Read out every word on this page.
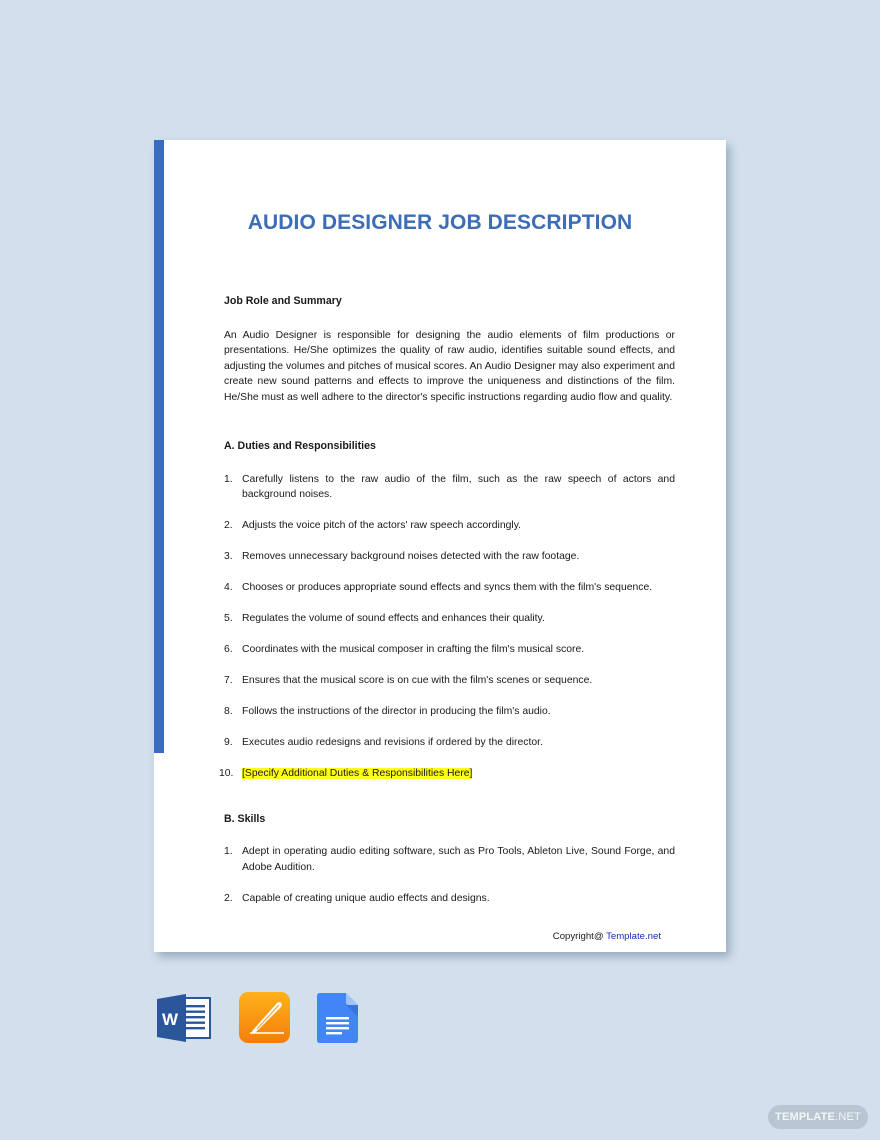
AUDIO DESIGNER JOB DESCRIPTION
Job Role and Summary
An Audio Designer is responsible for designing the audio elements of film productions or presentations. He/She optimizes the quality of raw audio, identifies suitable sound effects, and adjusting the volumes and pitches of musical scores. An Audio Designer may also experiment and create new sound patterns and effects to improve the uniqueness and distinctions of the film. He/She must as well adhere to the director's specific instructions regarding audio flow and quality.
A. Duties and Responsibilities
1. Carefully listens to the raw audio of the film, such as the raw speech of actors and background noises.
2. Adjusts the voice pitch of the actors' raw speech accordingly.
3. Removes unnecessary background noises detected with the raw footage.
4. Chooses or produces appropriate sound effects and syncs them with the film's sequence.
5. Regulates the volume of sound effects and enhances their quality.
6. Coordinates with the musical composer in crafting the film's musical score.
7. Ensures that the musical score is on cue with the film's scenes or sequence.
8. Follows the instructions of the director in producing the film's audio.
9. Executes audio redesigns and revisions if ordered by the director.
10. [Specify Additional Duties & Responsibilities Here]
B. Skills
1. Adept in operating audio editing software, such as Pro Tools, Ableton Live, Sound Forge, and Adobe Audition.
2. Capable of creating unique audio effects and designs.
Copyright@ Template.net
W
TEMPLATE.NET
